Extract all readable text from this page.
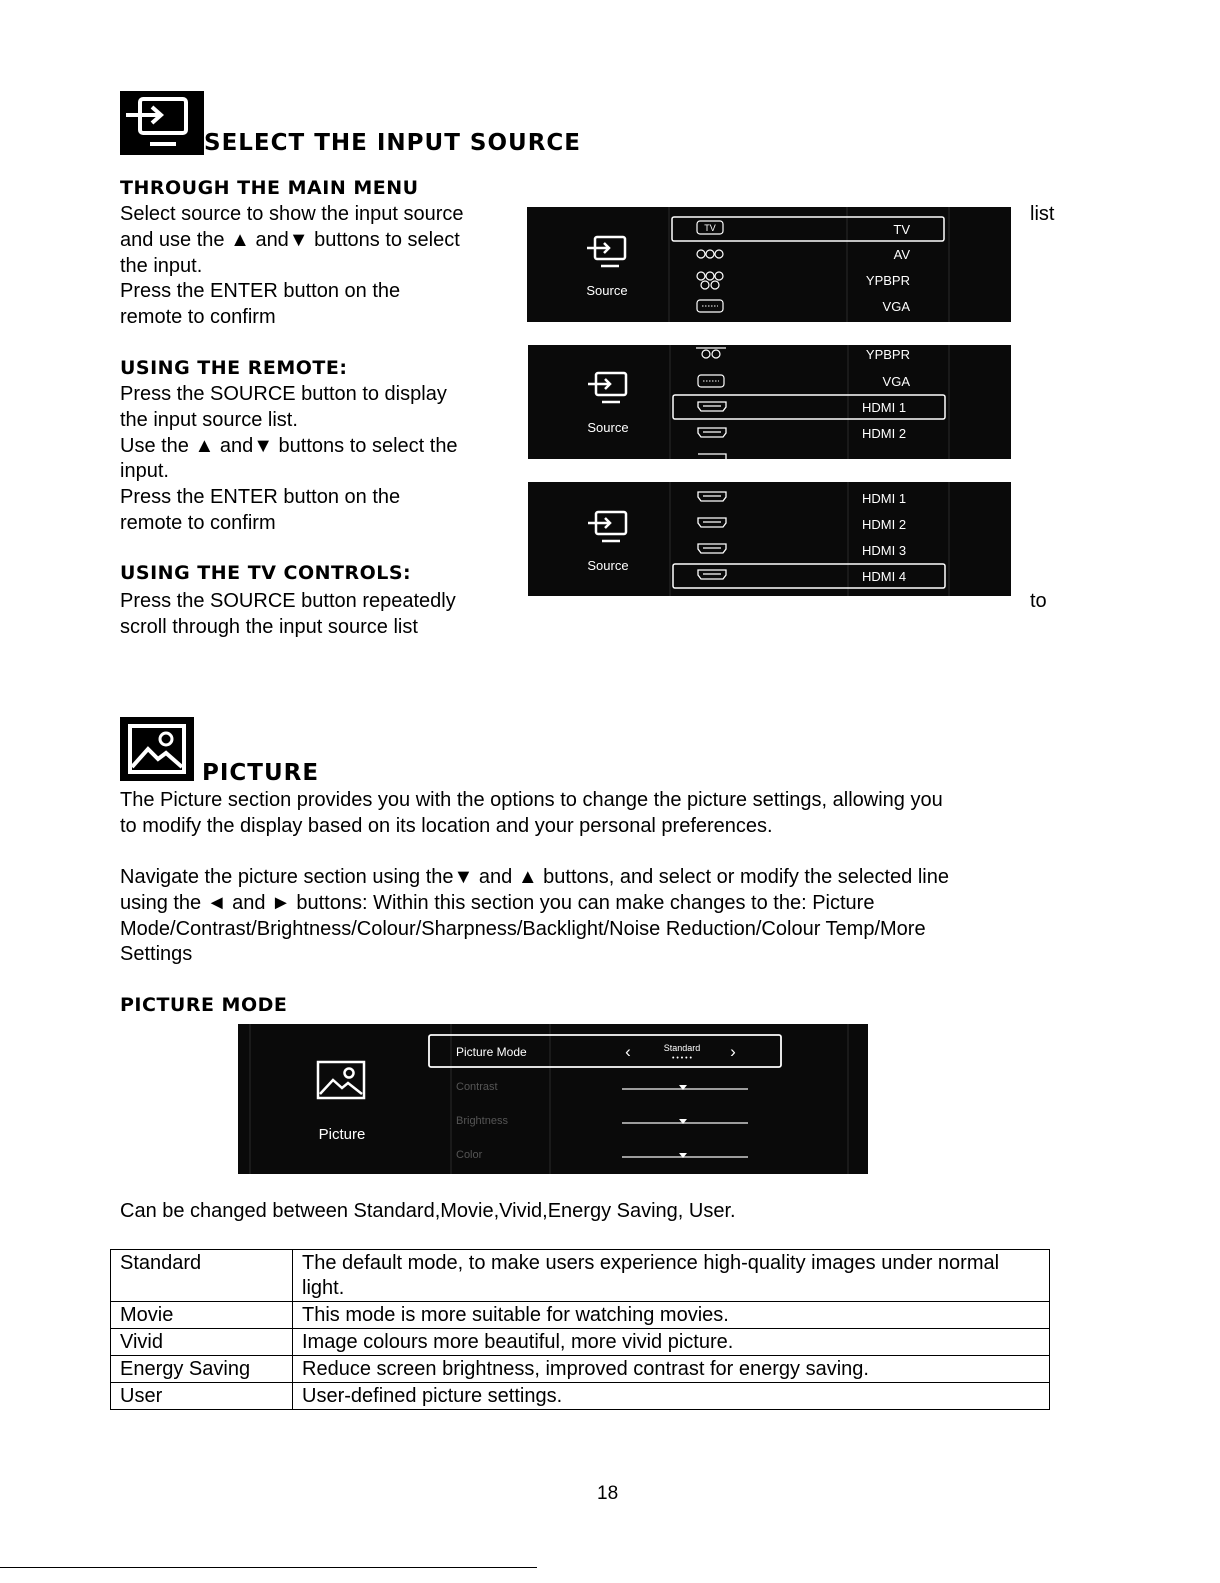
SELECT THE INPUT SOURCE
THROUGH THE MAIN MENU
Select source to show the input source
and use the ▲ and▼ buttons to select
the input.
Press the ENTER button on the
remote to confirm
list
USING THE REMOTE:
Press the SOURCE button to display
the input source list.
Use the ▲ and▼ buttons to select the
input.
Press the ENTER button on the
remote to confirm
USING THE TV CONTROLS:
Press the SOURCE button repeatedly
scroll through the input source list
to
Source
TV	TV
AV
YPBPR
VGA
Source
YPBPR
VGA
HDMI 1
HDMI 2
Source
HDMI 1
HDMI 2
HDMI 3
HDMI 4
PICTURE
The Picture section provides you with the options to change the picture settings, allowing you
to modify the display based on its location and your personal preferences.
Navigate the picture section using the▼ and ▲ buttons, and select or modify the selected line
using the ◄ and ► buttons: Within this section you can make changes to the: Picture
Mode/Contrast/Brightness/Colour/Sharpness/Backlight/Noise Reduction/Colour Temp/More
Settings
PICTURE MODE
Picture
Picture Mode	‹	Standard
• • • • • ›
Contrast
Brightness
Color
Can be changed between Standard,Movie,Vivid,Energy Saving, User.
Standard	The default mode, to make users experience high-quality images under normal light.
Movie	This mode is more suitable for watching movies.
Vivid	Image colours more beautiful, more vivid picture.
Energy Saving	Reduce screen brightness, improved contrast for energy saving.
User	User-defined picture settings.
18
